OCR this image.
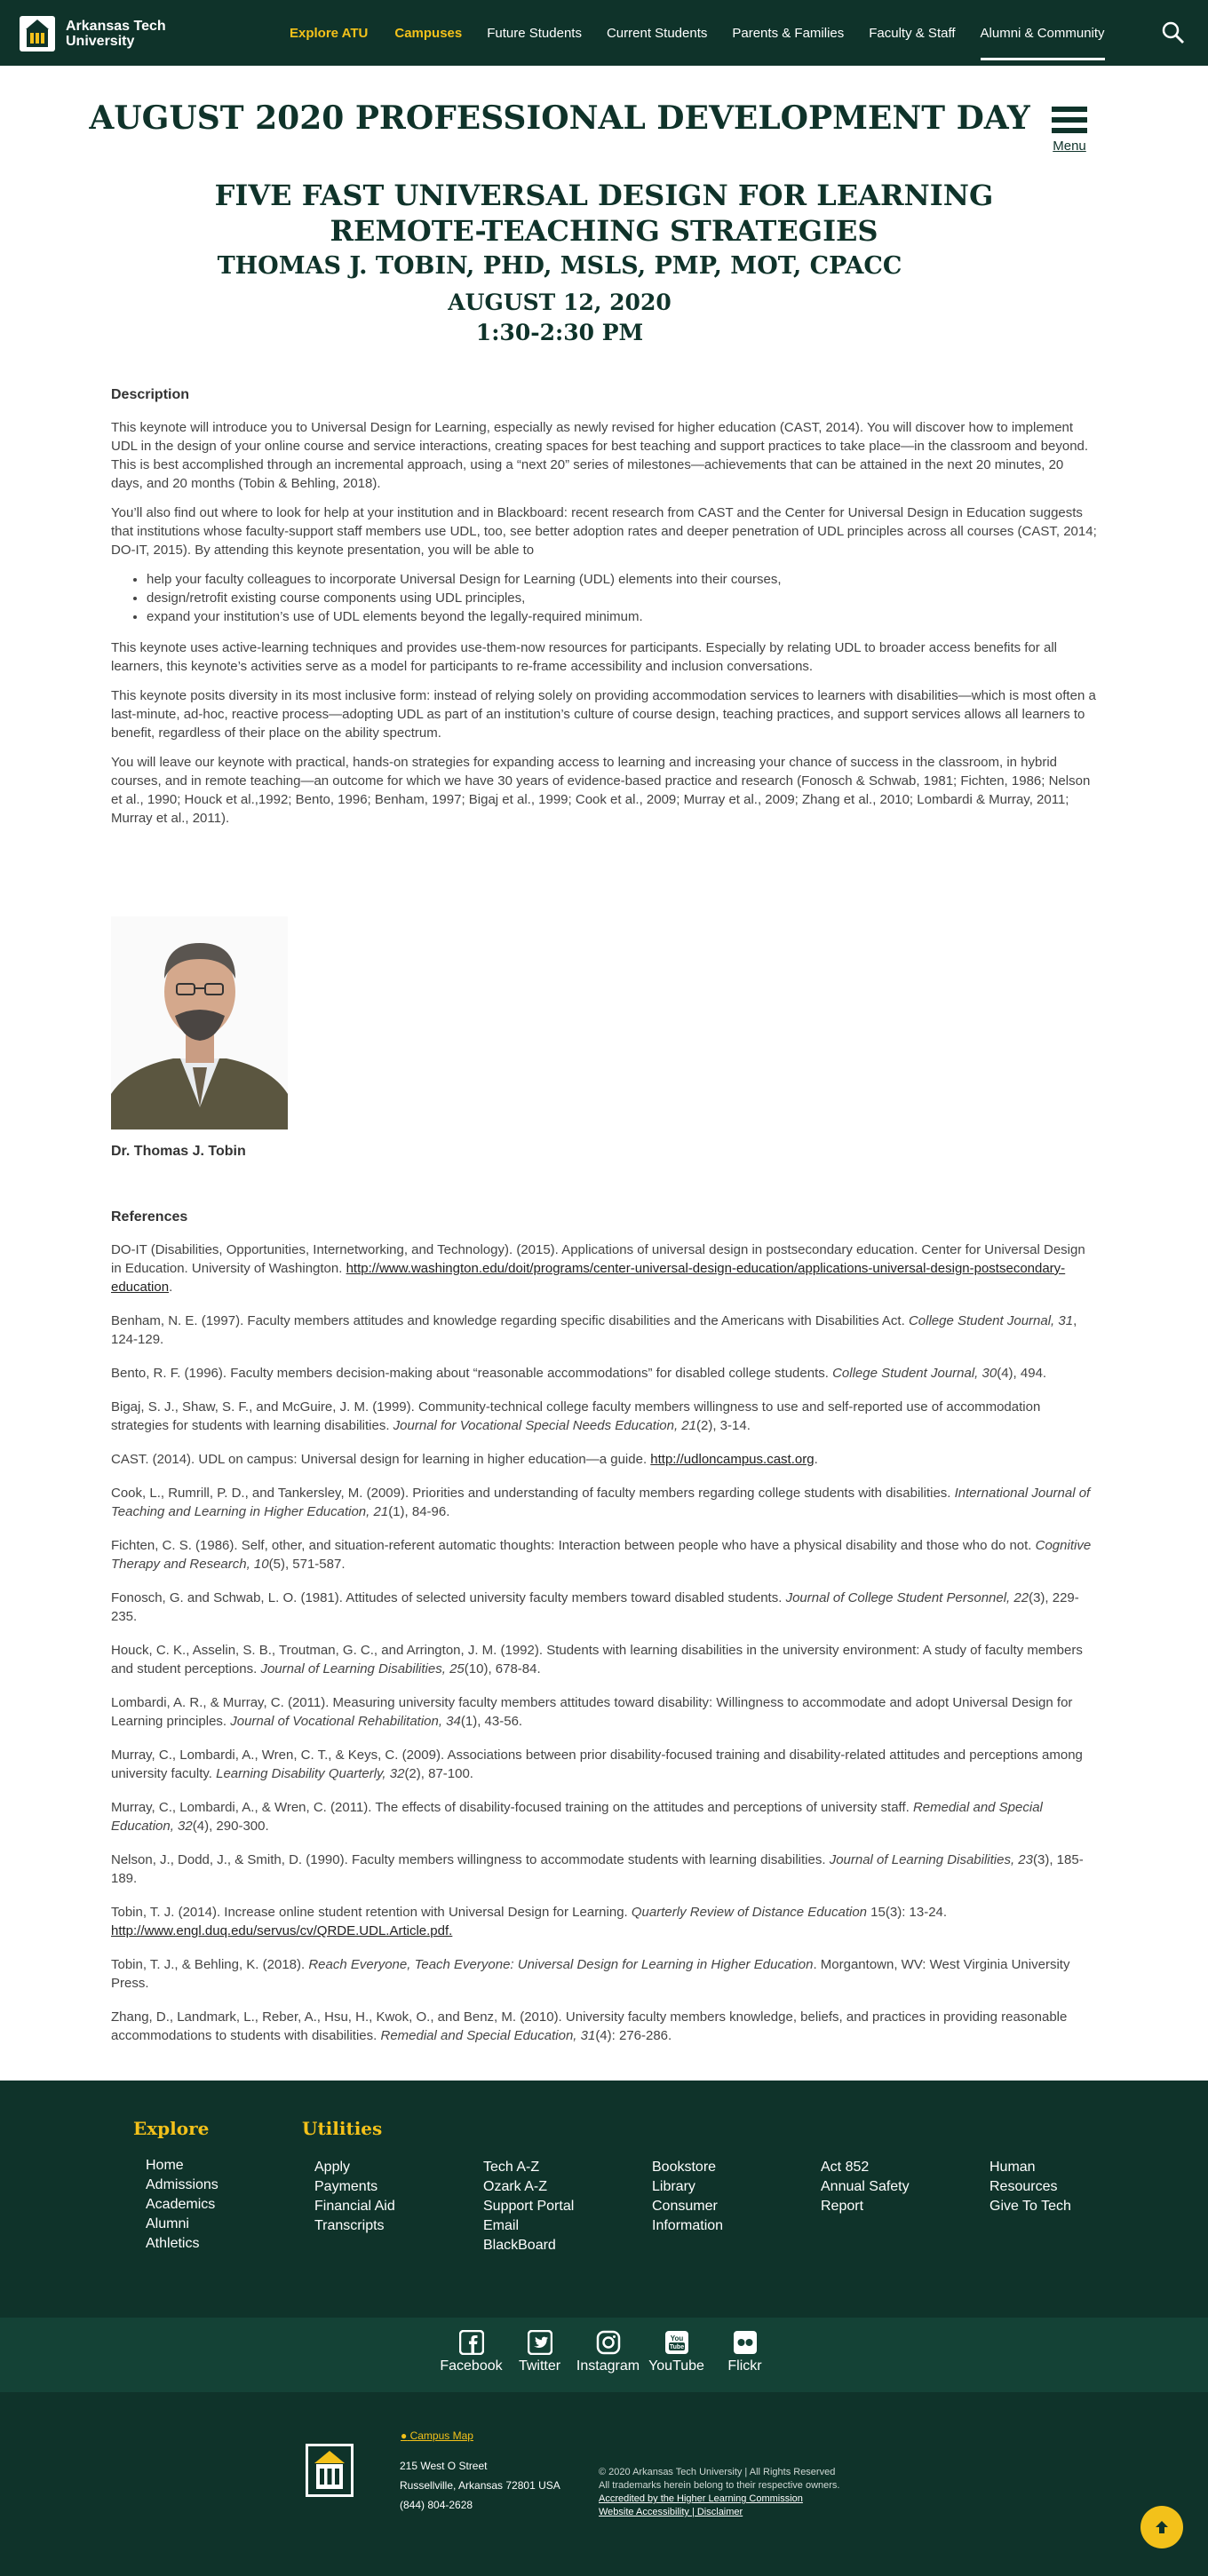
Arkansas Tech
University
Explore ATU Campuses Future Students Current Students Parents & Families Faculty & Staff Alumni & Community
AUGUST 2020 PROFESSIONAL DEVELOPMENT DAY
Menu
FIVE FAST UNIVERSAL DESIGN FOR LEARNING REMOTE-TEACHING STRATEGIES
THOMAS J. TOBIN, PHD, MSLS, PMP, MOT, CPACC
AUGUST 12, 2020
1:30-2:30 PM
Description

This keynote will introduce you to Universal Design for Learning, especially as newly revised for higher education (CAST, 2014). You will discover how to implement UDL in the design of your online course and service interactions, creating spaces for best teaching and support practices to take place—in the classroom and beyond. This is best accomplished through an incremental approach, using a “next 20” series of milestones—achievements that can be attained in the next 20 minutes, 20 days, and 20 months (Tobin & Behling, 2018).

You’ll also find out where to look for help at your institution and in Blackboard: recent research from CAST and the Center for Universal Design in Education suggests that institutions whose faculty-support staff members use UDL, too, see better adoption rates and deeper penetration of UDL principles across all courses (CAST, 2014; DO-IT, 2015). By attending this keynote presentation, you will be able to

• help your faculty colleagues to incorporate Universal Design for Learning (UDL) elements into their courses,
• design/retrofit existing course components using UDL principles,
• expand your institution’s use of UDL elements beyond the legally-required minimum.

This keynote uses active-learning techniques and provides use-them-now resources for participants. Especially by relating UDL to broader access benefits for all learners, this keynote’s activities serve as a model for participants to re-frame accessibility and inclusion conversations.

This keynote posits diversity in its most inclusive form: instead of relying solely on providing accommodation services to learners with disabilities—which is most often a last-minute, ad-hoc, reactive process—adopting UDL as part of an institution’s culture of course design, teaching practices, and support services allows all learners to benefit, regardless of their place on the ability spectrum.

You will leave our keynote with practical, hands-on strategies for expanding access to learning and increasing your chance of success in the classroom, in hybrid courses, and in remote teaching—an outcome for which we have 30 years of evidence-based practice and research (Fonosch & Schwab, 1981; Fichten, 1986; Nelson et al., 1990; Houck et al.,1992; Bento, 1996; Benham, 1997; Bigaj et al., 1999; Cook et al., 2009; Murray et al., 2009; Zhang et al., 2010; Lombardi & Murray, 2011; Murray et al., 2011).

Dr. Thomas J. Tobin
References

DO-IT (Disabilities, Opportunities, Internetworking, and Technology). (2015). Applications of universal design in postsecondary education. Center for Universal Design in Education. University of Washington. http://www.washington.edu/doit/programs/center-universal-design-education/applications-universal-design-postsecondary-education.

Benham, N. E. (1997). Faculty members attitudes and knowledge regarding specific disabilities and the Americans with Disabilities Act. College Student Journal, 31, 124-129.

Bento, R. F. (1996). Faculty members decision-making about “reasonable accommodations” for disabled college students. College Student Journal, 30(4), 494.

Bigaj, S. J., Shaw, S. F., and McGuire, J. M. (1999). Community-technical college faculty members willingness to use and self-reported use of accommodation strategies for students with learning disabilities. Journal for Vocational Special Needs Education, 21(2), 3-14.

CAST. (2014). UDL on campus: Universal design for learning in higher education—a guide. http://udloncampus.cast.org.

Cook, L., Rumrill, P. D., and Tankersley, M. (2009). Priorities and understanding of faculty members regarding college students with disabilities. International Journal of Teaching and Learning in Higher Education, 21(1), 84-96.

Fichten, C. S. (1986). Self, other, and situation-referent automatic thoughts: Interaction between people who have a physical disability and those who do not. Cognitive Therapy and Research, 10(5), 571-587.

Fonosch, G. and Schwab, L. O. (1981). Attitudes of selected university faculty members toward disabled students. Journal of College Student Personnel, 22(3), 229-235.

Houck, C. K., Asselin, S. B., Troutman, G. C., and Arrington, J. M. (1992). Students with learning disabilities in the university environment: A study of faculty members and student perceptions. Journal of Learning Disabilities, 25(10), 678-84.

Lombardi, A. R., & Murray, C. (2011). Measuring university faculty members attitudes toward disability: Willingness to accommodate and adopt Universal Design for Learning principles. Journal of Vocational Rehabilitation, 34(1), 43-56.

Murray, C., Lombardi, A., Wren, C. T., & Keys, C. (2009). Associations between prior disability-focused training and disability-related attitudes and perceptions among university faculty. Learning Disability Quarterly, 32(2), 87-100.

Murray, C., Lombardi, A., & Wren, C. (2011). The effects of disability-focused training on the attitudes and perceptions of university staff. Remedial and Special Education, 32(4), 290-300.

Nelson, J., Dodd, J., & Smith, D. (1990). Faculty members willingness to accommodate students with learning disabilities. Journal of Learning Disabilities, 23(3), 185-189.

Tobin, T. J. (2014). Increase online student retention with Universal Design for Learning. Quarterly Review of Distance Education 15(3): 13-24. http://www.engl.duq.edu/servus/cv/QRDE.UDL.Article.pdf.

Tobin, T. J., & Behling, K. (2018). Reach Everyone, Teach Everyone: Universal Design for Learning in Higher Education. Morgantown, WV: West Virginia University Press.

Zhang, D., Landmark, L., Reber, A., Hsu, H., Kwok, O., and Benz, M. (2010). University faculty members knowledge, beliefs, and practices in providing reasonable accommodations to students with disabilities. Remedial and Special Education, 31(4): 276-286.

Explore	Utilities
Home
Admissions
Academics
Alumni
Athletics
Apply
Payments
Financial Aid
Transcripts
Tech A-Z
Ozark A-Z
Support Portal
Email
BlackBoard
Bookstore
Library
Consumer
Information
Act 852
Annual Safety
Report
Human
Resources
Give To Tech
Facebook	Twitter	Instagram
You
Tube
YouTube	Flickr
● Campus Map
215 West O Street
Russellville, Arkansas 72801 USA
(844) 804-2628
© 2020 Arkansas Tech University | All Rights Reserved
All trademarks herein belong to their respective owners.
Accredited by the Higher Learning Commission
Website Accessibility | Disclaimer
